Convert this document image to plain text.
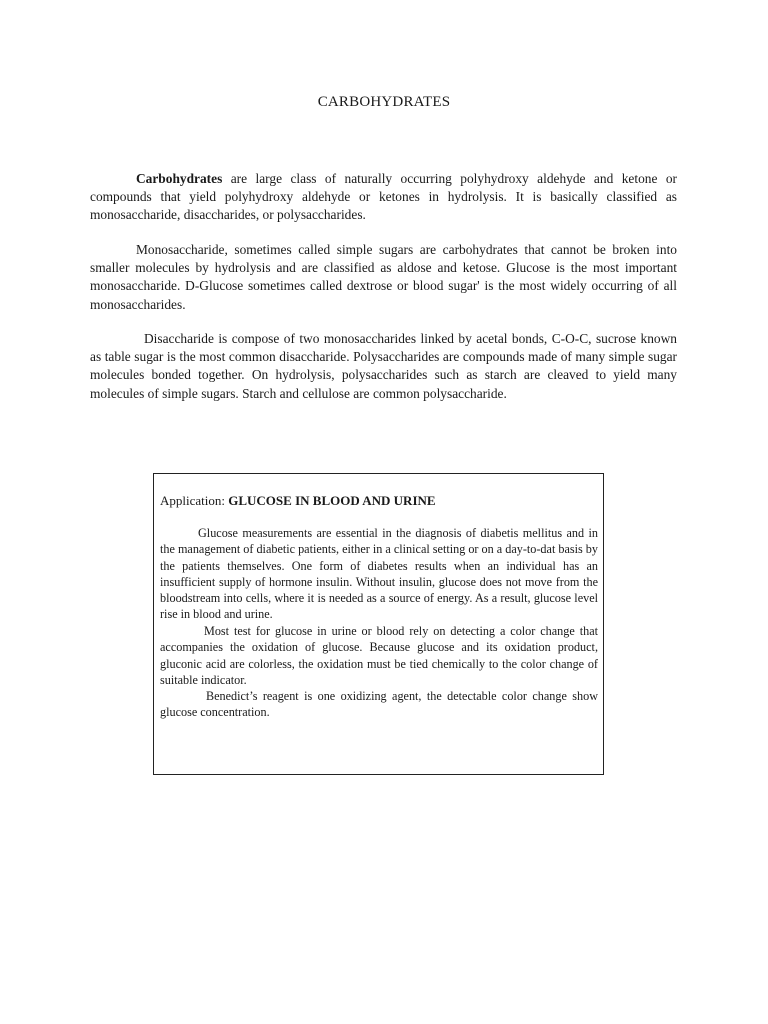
CARBOHYDRATES

Carbohydrates are large class of naturally occurring polyhydroxy aldehyde and ketone or compounds that yield polyhydroxy aldehyde or ketones in hydrolysis. It is basically classified as monosaccharide, disaccharides, or polysaccharides.

Monosaccharide, sometimes called simple sugars are carbohydrates that cannot be broken into smaller molecules by hydrolysis and are classified as aldose and ketose. Glucose is the most important monosaccharide. D-Glucose sometimes called dextrose or blood sugar' is the most widely occurring of all monosaccharides.

Disaccharide is compose of two monosaccharides linked by acetal bonds, C-O-C, sucrose known as table sugar is the most common disaccharide. Polysaccharides are compounds made of many simple sugar molecules bonded together. On hydrolysis, polysaccharides such as starch are cleaved to yield many molecules of simple sugars. Starch and cellulose are common polysaccharide.

Application: GLUCOSE IN BLOOD AND URINE

Glucose measurements are essential in the diagnosis of diabetis mellitus and in the management of diabetic patients, either in a clinical setting or on a day-to-dat basis by the patients themselves. One form of diabetes results when an individual has an insufficient supply of hormone insulin. Without insulin, glucose does not move from the bloodstream into cells, where it is needed as a source of energy. As a result, glucose level rise in blood and urine.

Most test for glucose in urine or blood rely on detecting a color change that accompanies the oxidation of glucose. Because glucose and its oxidation product, gluconic acid are colorless, the oxidation must be tied chemically to the color change of suitable indicator.

Benedict’s reagent is one oxidizing agent, the detectable color change show glucose concentration.
